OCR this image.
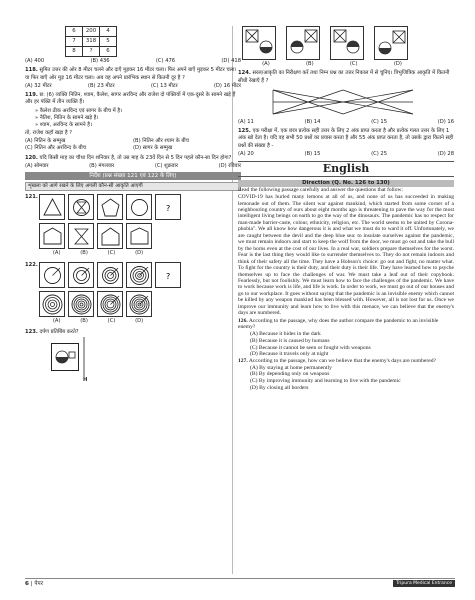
6	200	4
7	318	5
8	?	6
(A) 400	(B) 436	(C) 476	(D) 418
118. सुमित उत्तर की ओर 8 मीटर चलने और दाएँ मुड़कर 16 मीटर चला। फिर अपने बाएँ मुड़कर 5 मीटर चला। या फिर बाएँ ओर मुड़ 16 मीटर चला। अब वह अपने प्रारंभिक स्थान से कितनी दूर है ?
(A) 32 मीटर	(B) 23 मीटर	(C) 13 मीटर	(D) 16 मीटर
119. छ: (6) व्यक्ति नितिन, श्याम, कैलेश, सागर अरविन्द और राजेश दो पंक्तियों में एक-दूसरे के सामने खड़े हैं और हर पंक्ति में तीन व्यक्ति हैं।
» कैलेश ठीक अरविन्द एवं सागर के बीच में है।
» नैतिश, नितिन के सामने खड़े है।
» श्याम, अरविन्द के सामने है।
तो, राजेश कहाँ खड़ा है ?
(A) नितिन के सम्मुख	(B) नितिन और श्याम के बीच
(C) नितिन और अरविन्द के बीच	(D) सागर के सम्मुख
120. यदि किसी माह का चौथा दिन शनिवार है, तो उस माह के 23वें दिन से 5 दिन पहले कौन-सा दिन होगा?
(A) सोमवार	(B) मंगलवार	(C) शुक्रवार	(D) रविवार
निर्देश (प्रश्न संख्या 121 एवं 122 के लिए)
शृंखला को आगे रखने के लिए अगली कौन-सी आकृति आएगी
121.
?
(A)	(B)	(C)	(D)
122.
?
(A)	(B)	(C)	(D)
123. दर्पण प्रतिबिंब करते?
H
(A)	(B)	(C)	(D)
124. सरल/आकृति का निरीक्षण करें तथा निम्न प्रश्न का उत्तर निकाल में से चुनिए। त्रिभुजित्रिक आकृति में कितनी सीधी रेखाएँ हैं ?
(A) 11	(B) 14	(C) 15	(D) 16
125. एक परीक्षा में, एक छात्र प्रत्येक सही उत्तर के लिए 2 अंक प्राप्त करता है और प्रत्येक गलत उत्तर के लिए 1 अंक खो देता है। यदि वह सभी 50 प्रश्नों का प्रयास करता है और 55 अंक प्राप्त करता है, तो उसके द्वारा कितने सही प्रश्नों की संख्या है -
(A) 20	(B) 15	(C) 25	(D) 28
English
Direction (Q. No. 126 to 130)
Read the following passage carefully and answer the questions that follow:
COVID-19 has hurled many lemons at all of us, and none of us has succeeded in making lemonade out of them. The silent war against mankind, which started from some corner of a neighbouring country of ours about eight months ago is threatening to pave the way for the most intelligent living beings on earth to go the way of the dinosaurs. The pandemic has no respect for man-made barrier-caste, colour, ethnicity, religion, etc. The world seems to be united by Corona-phobia". We all know how dangerous it is and what we must do to ward it off. Unfortunately, we are caught between the devil and the deep blue sea: to insulate ourselves against the pandemic, we must remain indoors and start to keep the wolf from the door, we must go out and take the bull by the horns even at the cost of our lives. In a real war, soldiers prepare themselves for the worst. Fear is the last thing they would like to surrender themselves to. They do not remain indoors and think of their safety all the time. They have a Hobson's choice: go out and fight, no matter what. To fight for the country is their duty, and their duty is their life. They have learned how to psyche themselves up to face the challenges of war. We must take a leaf out of their copybook. Fearlessly, but not foolishly. We must learn how to face the challenges of the pandemic. We have to work because work is life, and life is work. In order to work, we must go out of our houses and go to our workplace. It goes without saying that the pandemic is an invisible enemy which cannot be killed by any weapon mankind has been blessed with. However, all is not lost for us. Once we improve our immunity and learn how to live with this menace, we can believe that the enemy's days are numbered.
126. According to the passage, why does the author compare the pandemic to an invisible enemy?
(A) Because it hides in the dark
(B) Because it is caused by humans
(C) Because it cannot be seen or fought with weapons
(D) Because it travels only at night
127. According to the passage, how can we believe that the enemy's days are numbered?
(A) By staying at home permanently
(B) By depending only on weapons
(C) By improving immunity and learning to live with the pandemic
(D) By closing all borders
6 | पेपर	Tripura Medical Entrance
